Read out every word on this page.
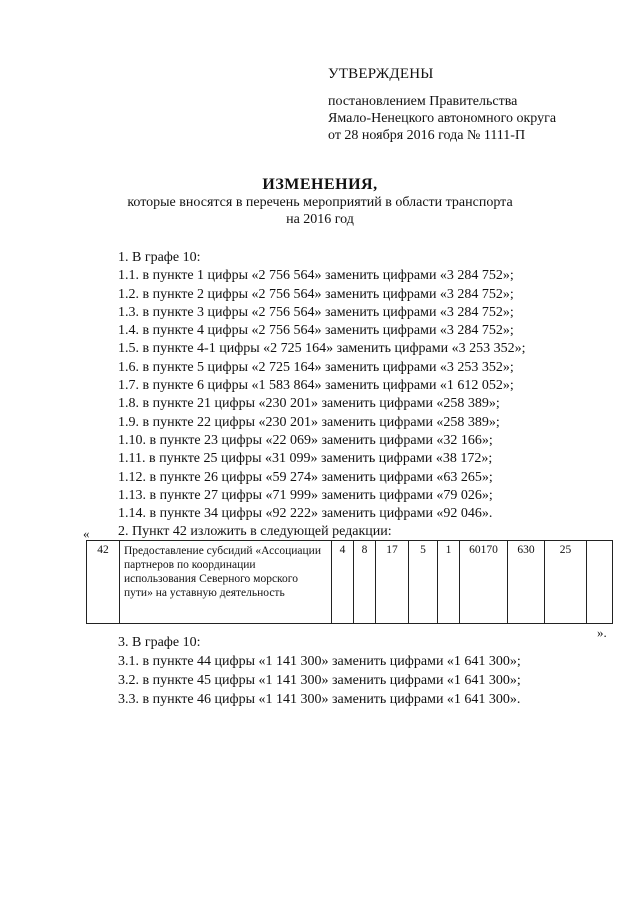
УТВЕРЖДЕНЫ
постановлением Правительства
Ямало-Ненецкого автономного округа
от 28 ноября 2016 года № 1111-П
ИЗМЕНЕНИЯ,
которые вносятся в перечень мероприятий в области транспорта
на 2016 год
1. В графе 10:
1.1. в пункте 1 цифры «2 756 564» заменить цифрами «3 284 752»;
1.2. в пункте 2 цифры «2 756 564» заменить цифрами «3 284 752»;
1.3. в пункте 3 цифры «2 756 564» заменить цифрами «3 284 752»;
1.4. в пункте 4 цифры «2 756 564» заменить цифрами «3 284 752»;
1.5. в пункте 4-1 цифры «2 725 164» заменить цифрами «3 253 352»;
1.6. в пункте 5 цифры «2 725 164» заменить цифрами «3 253 352»;
1.7. в пункте 6 цифры «1 583 864» заменить цифрами «1 612 052»;
1.8. в пункте 21 цифры «230 201» заменить цифрами «258 389»;
1.9. в пункте 22 цифры «230 201» заменить цифрами «258 389»;
1.10. в пункте 23 цифры «22 069» заменить цифрами «32 166»;
1.11. в пункте 25 цифры «31 099» заменить цифрами «38 172»;
1.12. в пункте 26 цифры «59 274» заменить цифрами «63 265»;
1.13. в пункте 27 цифры «71 999» заменить цифрами «79 026»;
1.14. в пункте 34 цифры «92 222» заменить цифрами «92 046».
2. Пункт 42 изложить в следующей редакции:
«
42	Предоставление субсидий «Ассоциации партнеров по координации использования Северного морского пути» на уставную деятельность	4	8	17	5	1	60170	630	25	
».
3. В графе 10:
3.1. в пункте 44 цифры «1 141 300» заменить цифрами «1 641 300»;
3.2. в пункте 45 цифры «1 141 300» заменить цифрами «1 641 300»;
3.3. в пункте 46 цифры «1 141 300» заменить цифрами «1 641 300».
